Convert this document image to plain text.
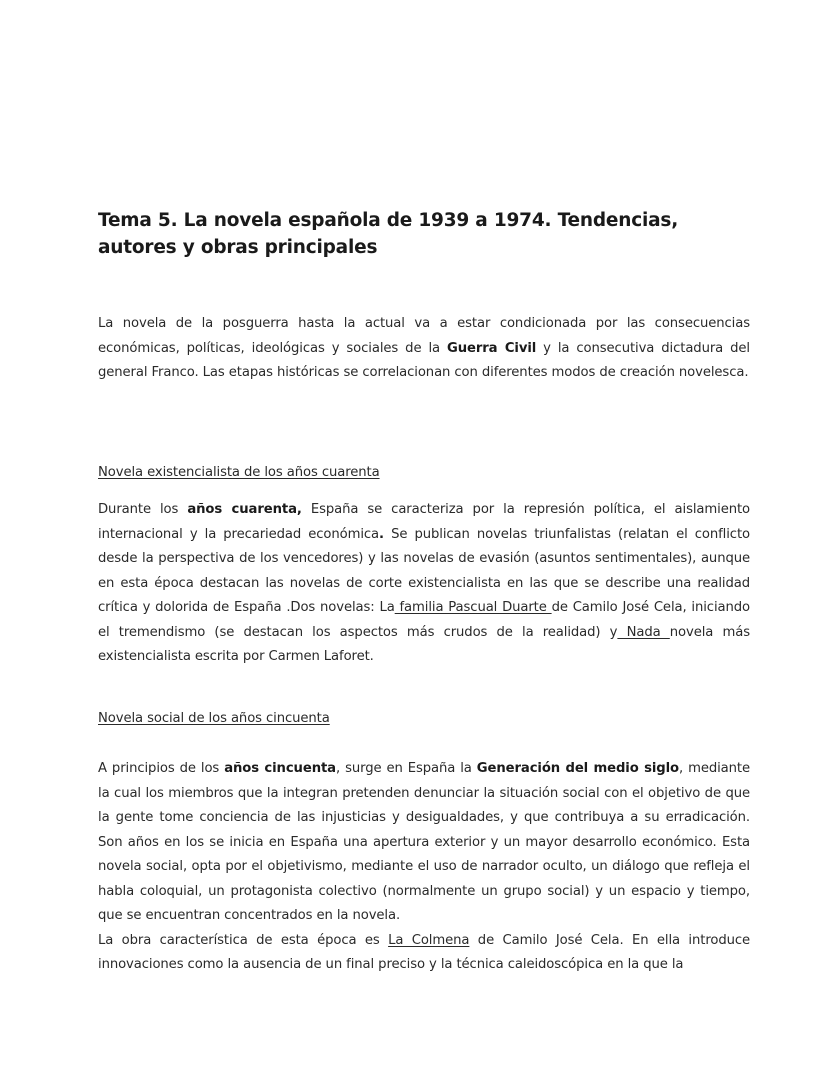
Tema 5. La novela española de 1939 a 1974. Tendencias, autores y obras principales

La novela de la posguerra hasta la actual va a estar condicionada por las consecuencias económicas, políticas, ideológicas y sociales de la Guerra Civil y la consecutiva dictadura del general Franco. Las etapas históricas se correlacionan con diferentes modos de creación novelesca.

Novela existencialista de los años cuarenta

Durante los años cuarenta, España se caracteriza por la represión política, el aislamiento internacional y la precariedad económica. Se publican novelas triunfalistas (relatan el conflicto desde la perspectiva de los vencedores) y las novelas de evasión (asuntos sentimentales), aunque en esta época destacan las novelas de corte existencialista en las que se describe una realidad crítica y dolorida de España .Dos novelas: La familia Pascual Duarte de Camilo José Cela, iniciando el tremendismo (se destacan los aspectos más crudos de la realidad) y Nada novela más existencialista escrita por Carmen Laforet.

Novela social de los años cincuenta

A principios de los años cincuenta, surge en España la Generación del medio siglo, mediante la cual los miembros que la integran pretenden denunciar la situación social con el objetivo de que la gente tome conciencia de las injusticias y desigualdades, y que contribuya a su erradicación. Son años en los se inicia en España una apertura exterior y un mayor desarrollo económico. Esta novela social, opta por el objetivismo, mediante el uso de narrador oculto, un diálogo que refleja el habla coloquial, un protagonista colectivo (normalmente un grupo social) y un espacio y tiempo, que se encuentran concentrados en la novela.
La obra característica de esta época es La Colmena de Camilo José Cela. En ella introduce innovaciones como la ausencia de un final preciso y la técnica caleidoscópica en la que la
